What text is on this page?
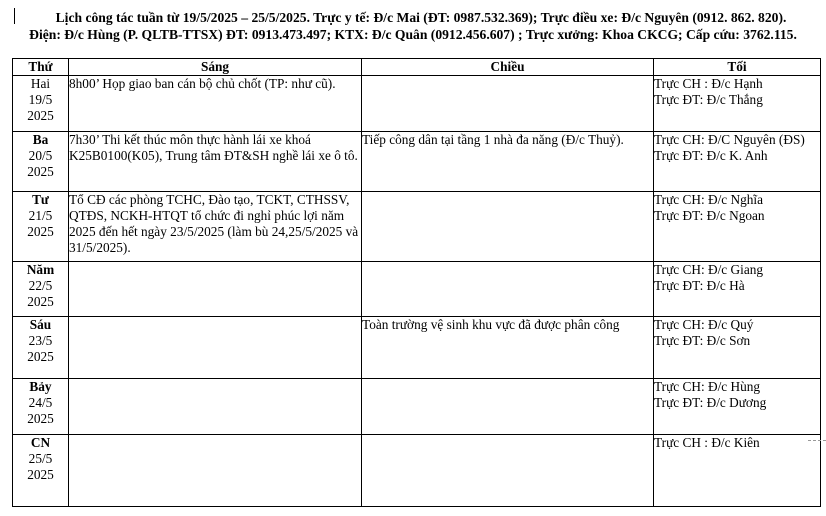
Lịch công tác tuần từ 19/5/2025 – 25/5/2025. Trực y tế: Đ/c Mai (ĐT: 0987.532.369); Trực điều xe: Đ/c Nguyên (0912. 862. 820).
Điện: Đ/c Hùng (P. QLTB-TTSX) ĐT: 0913.473.497; KTX: Đ/c Quân (0912.456.607) ; Trực xưởng: Khoa CKCG; Cấp cứu: 3762.115.
Thứ	Sáng	Chiều	Tối

Hai
19/5
2025	8h00’ Họp giao ban cán bộ chủ chốt (TP: như cũ).		Trực CH : Đ/c Hạnh
Trực ĐT: Đ/c Thắng

Ba
20/5
2025	7h30’ Thi kết thúc môn thực hành lái xe khoá K25B0100(K05), Trung tâm ĐT&SH nghề lái xe ô tô.	Tiếp công dân tại tầng 1 nhà đa năng (Đ/c Thuỷ).	Trực CH: Đ/C Nguyên (ĐS)
Trực ĐT: Đ/c K. Anh

Tư
21/5
2025	Tổ CĐ các phòng TCHC, Đào tạo, TCKT, CTHSSV, QTĐS, NCKH-HTQT tổ chức đi nghỉ phúc lợi năm 2025 đến hết ngày 23/5/2025 (làm bù 24,25/5/2025 và 31/5/2025).		Trực CH: Đ/c Nghĩa
Trực ĐT: Đ/c Ngoan

Năm
22/5
2025			Trực CH: Đ/c Giang
Trực ĐT: Đ/c Hà

Sáu
23/5
2025		Toàn trường vệ sinh khu vực đã được phân công	Trực CH: Đ/c Quý
Trực ĐT: Đ/c Sơn

Bảy
24/5
2025			Trực CH: Đ/c Hùng
Trực ĐT: Đ/c Dương

CN
25/5
2025			Trực CH : Đ/c Kiên
